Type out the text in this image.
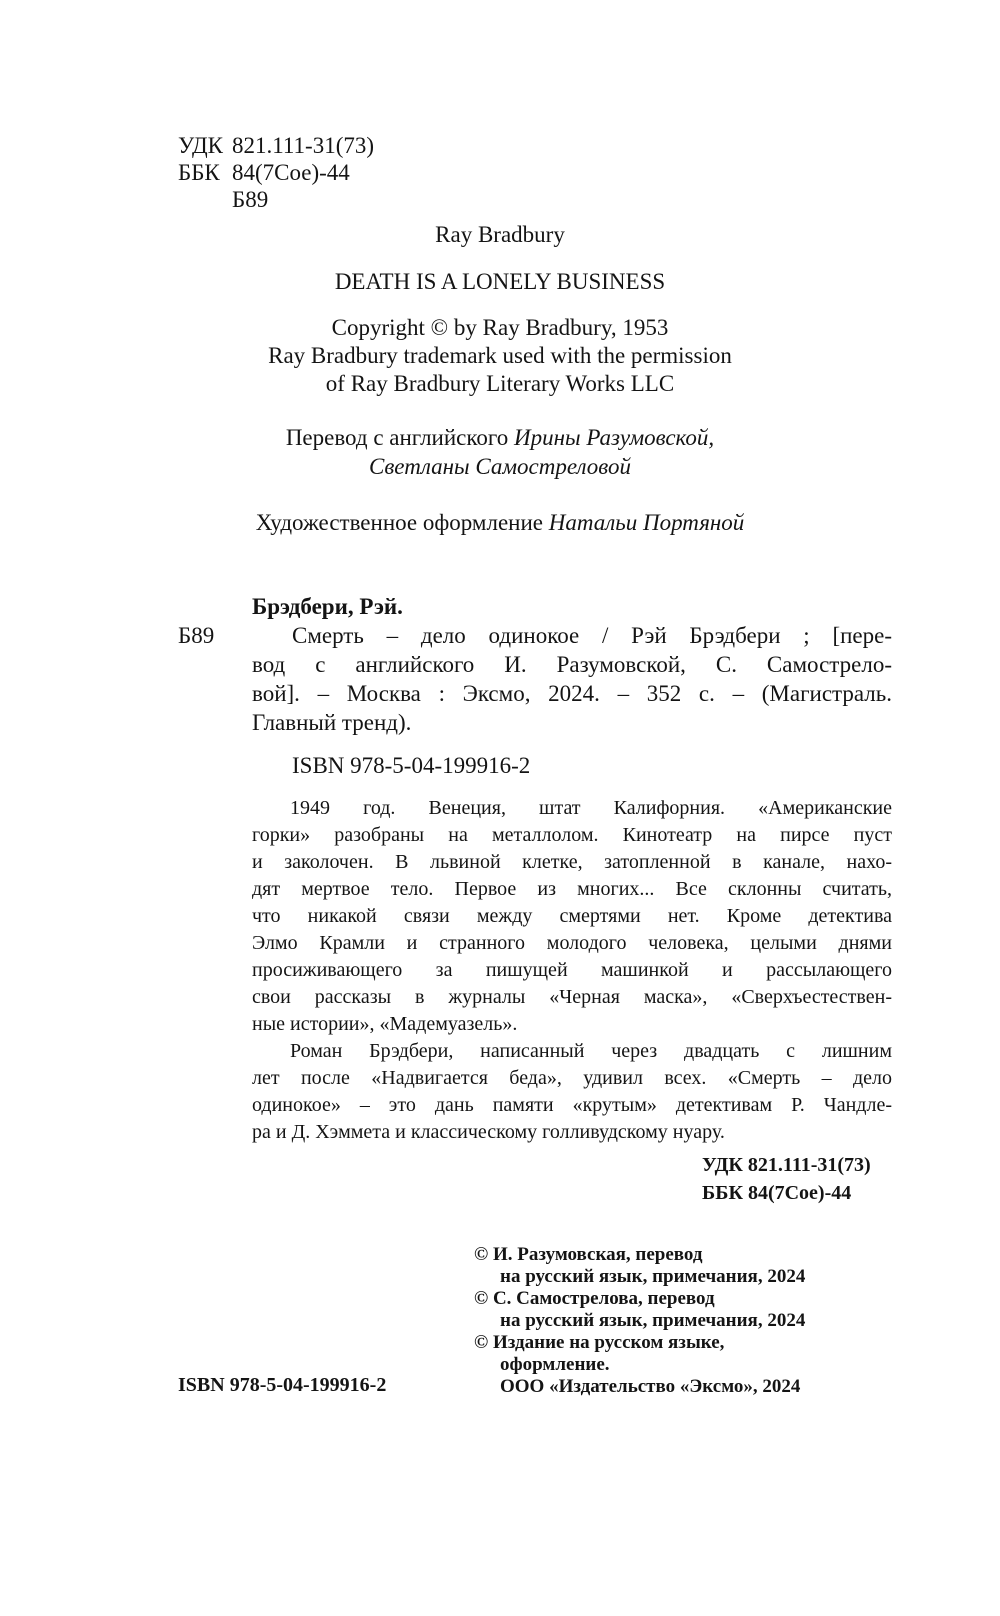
УДК 821.111-31(73)
ББК 84(7Сое)-44
Б89
Ray Bradbury
DEATH IS A LONELY BUSINESS
Copyright © by Ray Bradbury, 1953
Ray Bradbury trademark used with the permission
of Ray Bradbury Literary Works LLC
Перевод с английского Ирины Разумовской,
Светланы Самостреловой
Художественное оформление Натальи Портяной
Брэдбери, Рэй.
Б89	Смерть – дело одинокое / Рэй Брэдбери ; [пере-
вод с английского И. Разумовской, С. Самострело-
вой]. – Москва : Эксмо, 2024. – 352 с. – (Магистраль.
Главный тренд).
ISBN 978-5-04-199916-2
1949 год. Венеция, штат Калифорния. «Американские
горки» разобраны на металлолом. Кинотеатр на пирсе пуст
и заколочен. В львиной клетке, затопленной в канале, нахо-
дят мертвое тело. Первое из многих... Все склонны считать,
что никакой связи между смертями нет. Кроме детектива
Элмо Крамли и странного молодого человека, целыми днями
просиживающего за пишущей машинкой и рассылающего
свои рассказы в журналы «Черная маска», «Сверхъестествен-
ные истории», «Мадемуазель».
Роман Брэдбери, написанный через двадцать с лишним
лет после «Надвигается беда», удивил всех. «Смерть – дело
одинокое» – это дань памяти «крутым» детективам Р. Чандле-
ра и Д. Хэммета и классическому голливудскому нуару.
УДК 821.111-31(73)
ББК 84(7Сое)-44
© И. Разумовская, перевод
на русский язык, примечания, 2024
© С. Самострелова, перевод
на русский язык, примечания, 2024
© Издание на русском языке,
оформление.
ООО «Издательство «Эксмо», 2024
ISBN 978-5-04-199916-2
